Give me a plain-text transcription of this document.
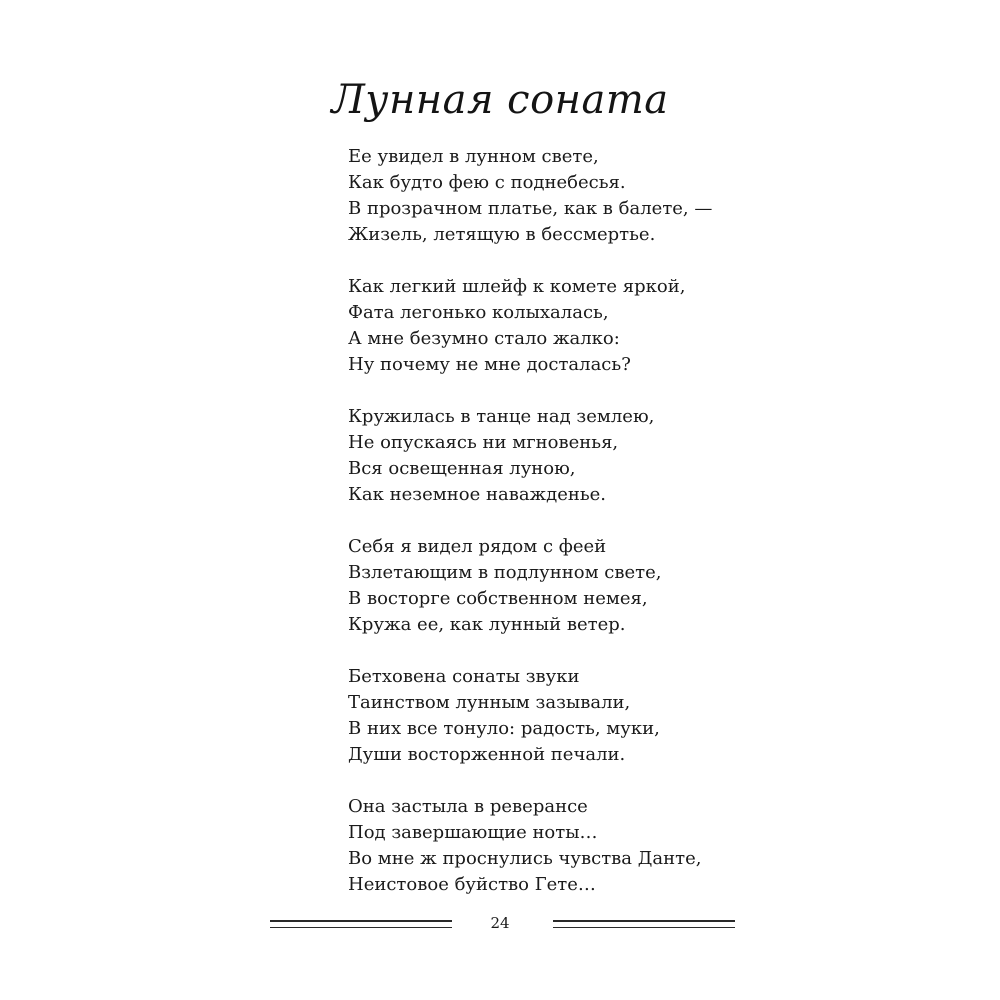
Лунная соната
Ее увидел в лунном свете,
Как будто фею с поднебесья.
В прозрачном платье, как в балете, —
Жизель, летящую в бессмертье.
Как легкий шлейф к комете яркой,
Фата легонько колыхалась,
А мне безумно стало жалко:
Ну почему не мне досталась?
Кружилась в танце над землею,
Не опускаясь ни мгновенья,
Вся освещенная луною,
Как неземное наважденье.
Себя я видел рядом с феей
Взлетающим в подлунном свете,
В восторге собственном немея,
Кружа ее, как лунный ветер.
Бетховена сонаты звуки
Таинством лунным зазывали,
В них все тонуло: радость, муки,
Души восторженной печали.
Она застыла в реверансе
Под завершающие ноты…
Во мне ж проснулись чувства Данте,
Неистовое буйство Гете…
24
